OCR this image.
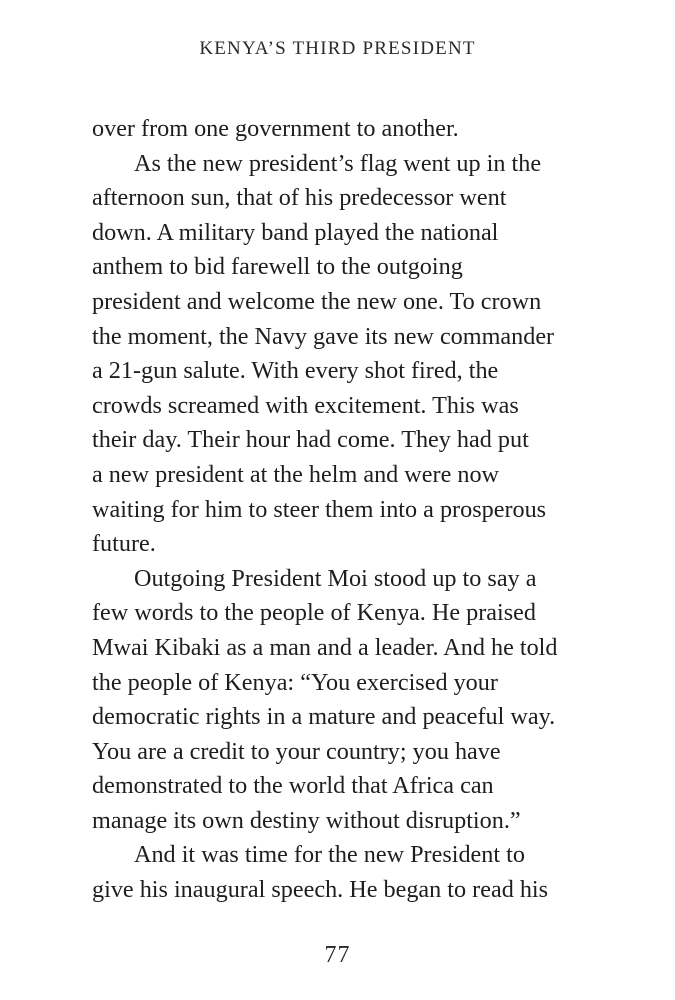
KENYA’S THIRD PRESIDENT
over from one government to another.
As the new president’s flag went up in the
afternoon sun, that of his predecessor went
down. A military band played the national
anthem to bid farewell to the outgoing
president and welcome the new one. To crown
the moment, the Navy gave its new commander
a 21-gun salute. With every shot fired, the
crowds screamed with excitement. This was
their day. Their hour had come. They had put
a new president at the helm and were now
waiting for him to steer them into a prosperous
future.
Outgoing President Moi stood up to say a
few words to the people of Kenya. He praised
Mwai Kibaki as a man and a leader. And he told
the people of Kenya: “You exercised your
democratic rights in a mature and peaceful way.
You are a credit to your country; you have
demonstrated to the world that Africa can
manage its own destiny without disruption.”
And it was time for the new President to
give his inaugural speech. He began to read his
77
